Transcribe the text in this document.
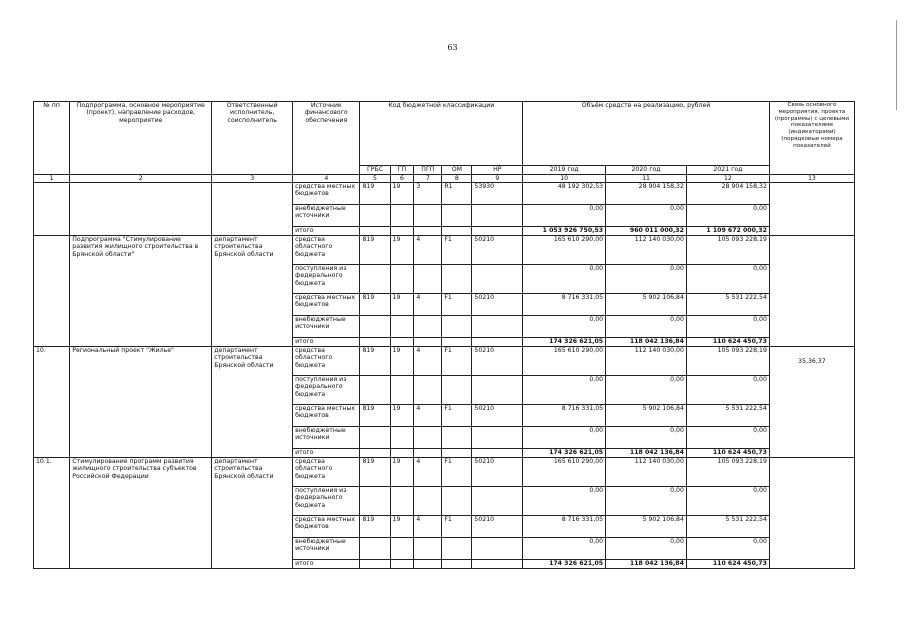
63
№ пп	Подпрограмма, основное мероприятие (проект), направление расходов, мероприятие	Ответственный исполнитель, соисполнитель	Источник финансового обеспечения	Код бюджетной классификации					Объём средств на реализацию, рублей			Связь основного мероприятия, проекта (программы) с целевыми показателями (индикаторами) (порядковые номера показателей
				ГРБС	ГП	ПГП	ОМ	НР	2019 год	2020 год	2021 год	
1	2	3	4	5	6	7	8	9	10	11	12	13
			средства местных бюджетов	819	19	3	R1	53930	48 192 302,53	28 904 158,32	28 904 158,32	
			внебюджетные источники						0,00	0,00	0,00	
			итого						1 053 926 750,53	960 011 000,32	1 109 672 000,32	
	Подпрограмма "Стимулирование развития жилищного строительства в Брянской области"	департамент строительства Брянской области	средства областного бюджета	819	19	4	F1	50210	165 610 290,00	112 140 030,00	105 093 228,19	
			поступления из федерального бюджета						0,00	0,00	0,00	
			средства местных бюджетов	819	19	4	F1	50210	8 716 331,05	5 902 106,84	5 531 222,54	
			внебюджетные источники						0,00	0,00	0,00	
			итого						174 326 621,05	118 042 136,84	110 624 450,73	
10.	Региональный проект "Жилье"	департамент строительства Брянской области	средства областного бюджета	819	19	4	F1	50210	165 610 290,00	112 140 030,00	105 093 228,19	35,36,37
			поступления из федерального бюджета						0,00	0,00	0,00	
			средства местных бюджетов	819	19	4	F1	50210	8 716 331,05	5 902 106,84	5 531 222,54	
			внебюджетные источники						0,00	0,00	0,00	
			итого						174 326 621,05	118 042 136,84	110 624 450,73	
10.1.	Стимулирование программ развития жилищного строительства субъектов Российской Федерации	департамент строительства Брянской области	средства областного бюджета	819	19	4	F1	50210	165 610 290,00	112 140 030,00	105 093 228,19	
			поступления из федерального бюджета						0,00	0,00	0,00	
			средства местных бюджетов	819	19	4	F1	50210	8 716 331,05	5 902 106,84	5 531 222,54	
			внебюджетные источники						0,00	0,00	0,00	
			итого						174 326 621,05	118 042 136,84	110 624 450,73	
